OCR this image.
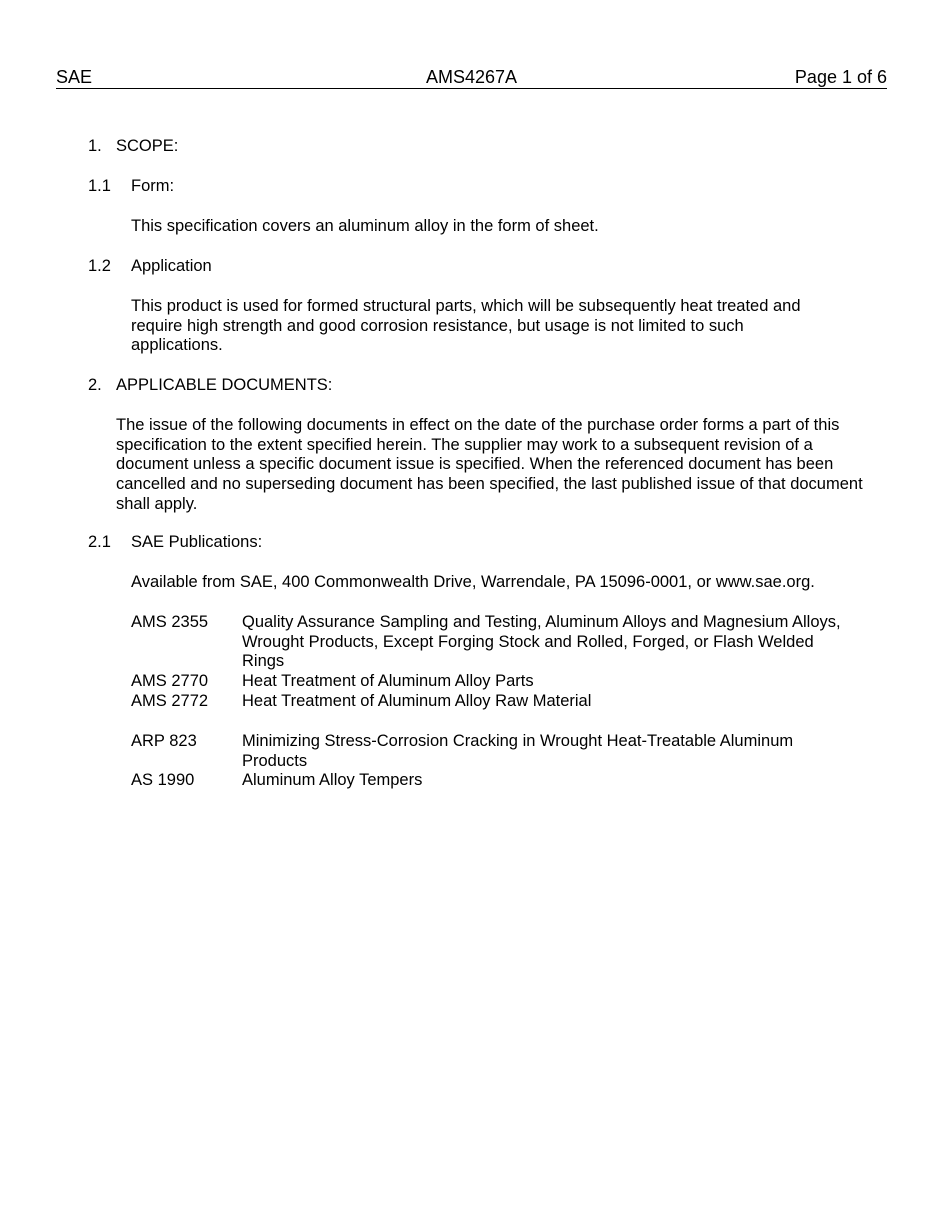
SAE	AMS4267A	Page 1 of 6
1. SCOPE:
1.1 Form:
This specification covers an aluminum alloy in the form of sheet.
1.2 Application
This product is used for formed structural parts, which will be subsequently heat treated and require high strength and good corrosion resistance, but usage is not limited to such applications.
2. APPLICABLE DOCUMENTS:
The issue of the following documents in effect on the date of the purchase order forms a part of this specification to the extent specified herein. The supplier may work to a subsequent revision of a document unless a specific document issue is specified. When the referenced document has been cancelled and no superseding document has been specified, the last published issue of that document shall apply.
2.1 SAE Publications:
Available from SAE, 400 Commonwealth Drive, Warrendale, PA 15096-0001, or www.sae.org.
AMS 2355 Quality Assurance Sampling and Testing, Aluminum Alloys and Magnesium Alloys, Wrought Products, Except Forging Stock and Rolled, Forged, or Flash Welded Rings
AMS 2770 Heat Treatment of Aluminum Alloy Parts
AMS 2772 Heat Treatment of Aluminum Alloy Raw Material
ARP 823	Minimizing Stress-Corrosion Cracking in Wrought Heat-Treatable Aluminum Products
AS 1990	Aluminum Alloy Tempers
